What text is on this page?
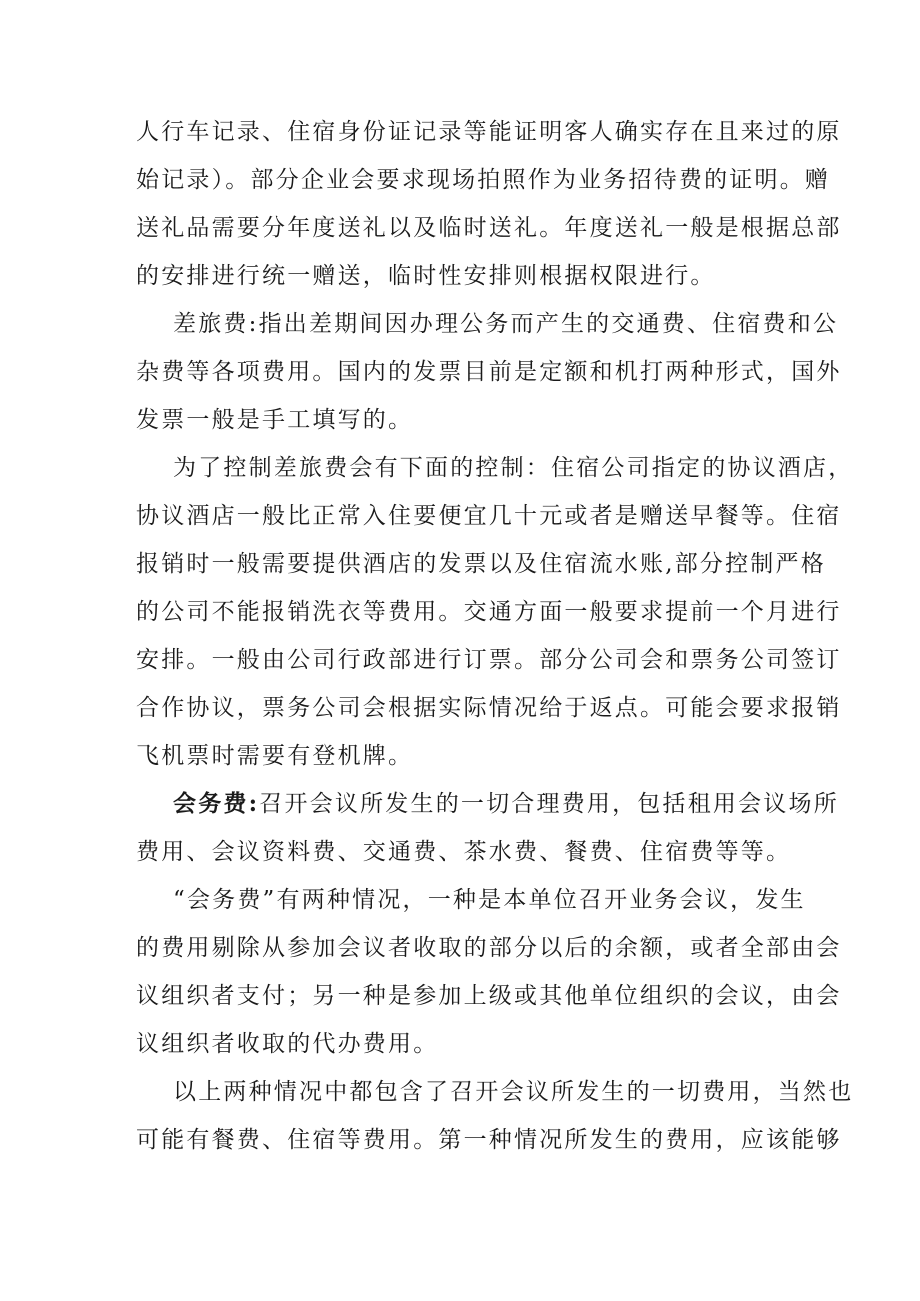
人行车记录、住宿身份证记录等能证明客人确实存在且来过的原
始记录）。部分企业会要求现场拍照作为业务招待费的证明。赠
送礼品需要分年度送礼以及临时送礼。年度送礼一般是根据总部
的安排进行统一赠送，临时性安排则根据权限进行。
差旅费:指出差期间因办理公务而产生的交通费、住宿费和公
杂费等各项费用。国内的发票目前是定额和机打两种形式，国外
发票一般是手工填写的。
为了控制差旅费会有下面的控制：住宿公司指定的协议酒店，
协议酒店一般比正常入住要便宜几十元或者是赠送早餐等。住宿
报销时一般需要提供酒店的发票以及住宿流水账,部分控制严格
的公司不能报销洗衣等费用。交通方面一般要求提前一个月进行
安排。一般由公司行政部进行订票。部分公司会和票务公司签订
合作协议，票务公司会根据实际情况给于返点。可能会要求报销
飞机票时需要有登机牌。
会务费:召开会议所发生的一切合理费用，包括租用会议场所
费用、会议资料费、交通费、茶水费、餐费、住宿费等等。
“会务费”有两种情况，一种是本单位召开业务会议，发生
的费用剔除从参加会议者收取的部分以后的余额，或者全部由会
议组织者支付；另一种是参加上级或其他单位组织的会议，由会
议组织者收取的代办费用。
以上两种情况中都包含了召开会议所发生的一切费用，当然也
可能有餐费、住宿等费用。第一种情况所发生的费用，应该能够
